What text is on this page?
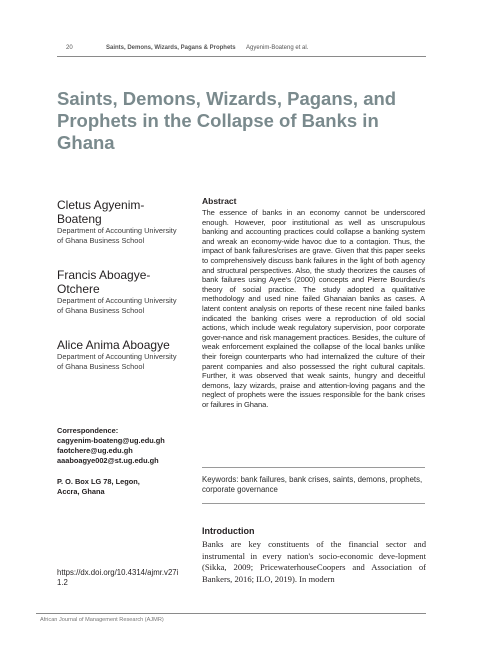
20	Saints, Demons, Wizards, Pagans & Prophets Agyenim-Boateng et al.
Saints, Demons, Wizards, Pagans, and Prophets in the Collapse of Banks in Ghana
Cletus Agyenim-Boateng
Department of Accounting University of Ghana Business School
Francis Aboagye-Otchere
Department of Accounting University of Ghana Business School
Alice Anima Aboagye
Department of Accounting University of Ghana Business School
Correspondence:
cagyenim-boateng@ug.edu.gh
faotchere@ug.edu.gh
aaaboagye002@st.ug.edu.gh
P. O. Box LG 78, Legon,
Accra, Ghana
https://dx.doi.org/10.4314/ajmr.v27i1.2
Abstract
The essence of banks in an economy cannot be underscored enough. However, poor institutional as well as unscrupulous banking and accounting practices could collapse a banking system and wreak an economy-wide havoc due to a contagion. Thus, the impact of bank failures/crises are grave. Given that this paper seeks to comprehensively discuss bank failures in the light of both agency and structural perspectives. Also, the study theorizes the causes of bank failures using Ayee's (2000) concepts and Pierre Bourdieu's theory of social practice. The study adopted a qualitative methodology and used nine failed Ghanaian banks as cases. A latent content analysis on reports of these recent nine failed banks indicated the banking crises were a reproduction of old social actions, which include weak regulatory supervision, poor corporate gover-nance and risk management practices. Besides, the culture of weak enforcement explained the collapse of the local banks unlike their foreign counterparts who had internalized the culture of their parent companies and also possessed the right cultural capitals. Further, it was observed that weak saints, hungry and deceitful demons, lazy wizards, praise and attention-loving pagans and the neglect of prophets were the issues responsible for the bank crises or failures in Ghana.
Keywords: bank failures, bank crises, saints, demons, prophets, corporate governance
Introduction
Banks are key constituents of the financial sector and instrumental in every nation's socio-economic deve-lopment (Sikka, 2009; PricewaterhouseCoopers and Association of Bankers, 2016; ILO, 2019). In modern
African Journal of Management Research (AJMR)
